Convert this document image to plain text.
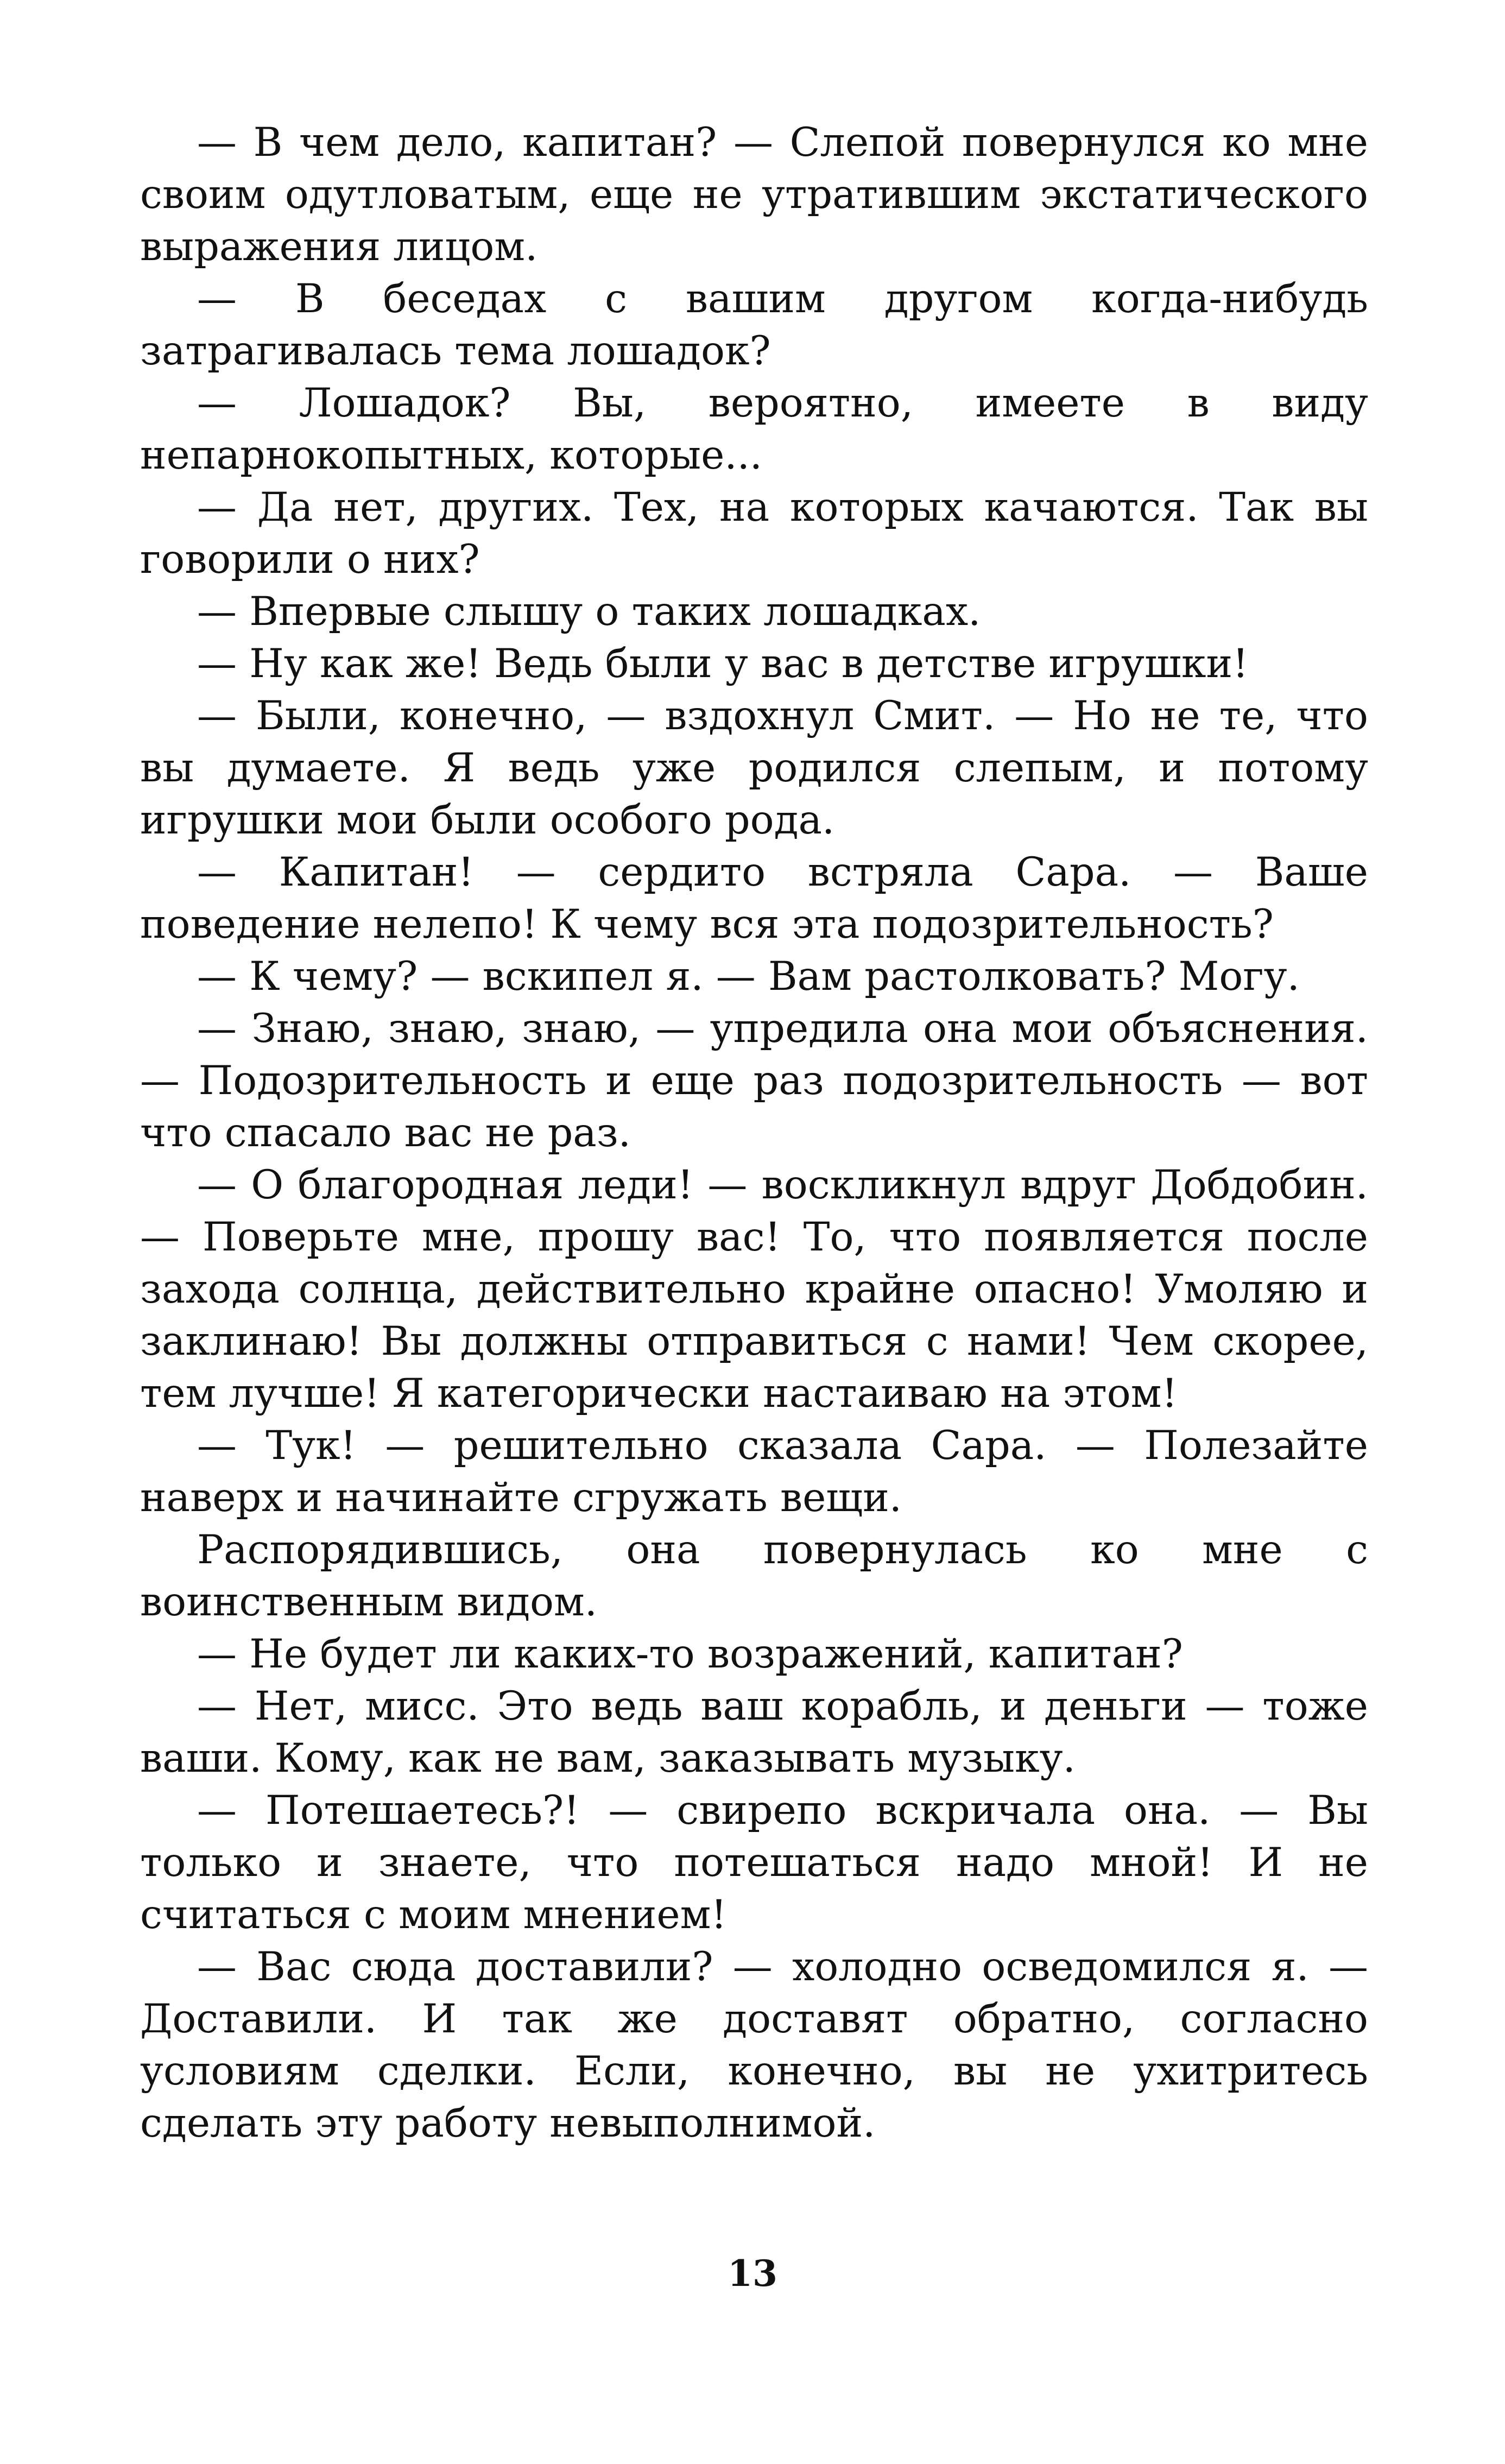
— В чем дело, капитан? — Слепой повернулся ко мне своим одутловатым, еще не утратившим экстатического выражения лицом.

— В беседах с вашим другом когда-нибудь затрагивалась тема лошадок?

— Лошадок? Вы, вероятно, имеете в виду непарнокопытных, которые...

— Да нет, других. Тех, на которых качаются. Так вы говорили о них?

— Впервые слышу о таких лошадках.

— Ну как же! Ведь были у вас в детстве игрушки!

— Были, конечно, — вздохнул Смит. — Но не те, что вы думаете. Я ведь уже родился слепым, и потому игрушки мои были особого рода.

— Капитан! — сердито встряла Сара. — Ваше поведение нелепо! К чему вся эта подозрительность?

— К чему? — вскипел я. — Вам растолковать? Могу.

— Знаю, знаю, знаю, — упредила она мои объяснения. — Подозрительность и еще раз подозрительность — вот что спасало вас не раз.

— О благородная леди! — воскликнул вдруг Добдобин. — Поверьте мне, прошу вас! То, что появляется после захода солнца, действительно крайне опасно! Умоляю и заклинаю! Вы должны отправиться с нами! Чем скорее, тем лучше! Я категорически настаиваю на этом!

— Тук! — решительно сказала Сара. — Полезайте наверх и начинайте сгружать вещи.

Распорядившись, она повернулась ко мне с воинственным видом.

— Не будет ли каких-то возражений, капитан?

— Нет, мисс. Это ведь ваш корабль, и деньги — тоже ваши. Кому, как не вам, заказывать музыку.

— Потешаетесь?! — свирепо вскричала она. — Вы только и знаете, что потешаться надо мной! И не считаться с моим мнением!

— Вас сюда доставили? — холодно осведомился я. — Доставили. И так же доставят обратно, согласно условиям сделки. Если, конечно, вы не ухитритесь сделать эту работу невыполнимой.

13
